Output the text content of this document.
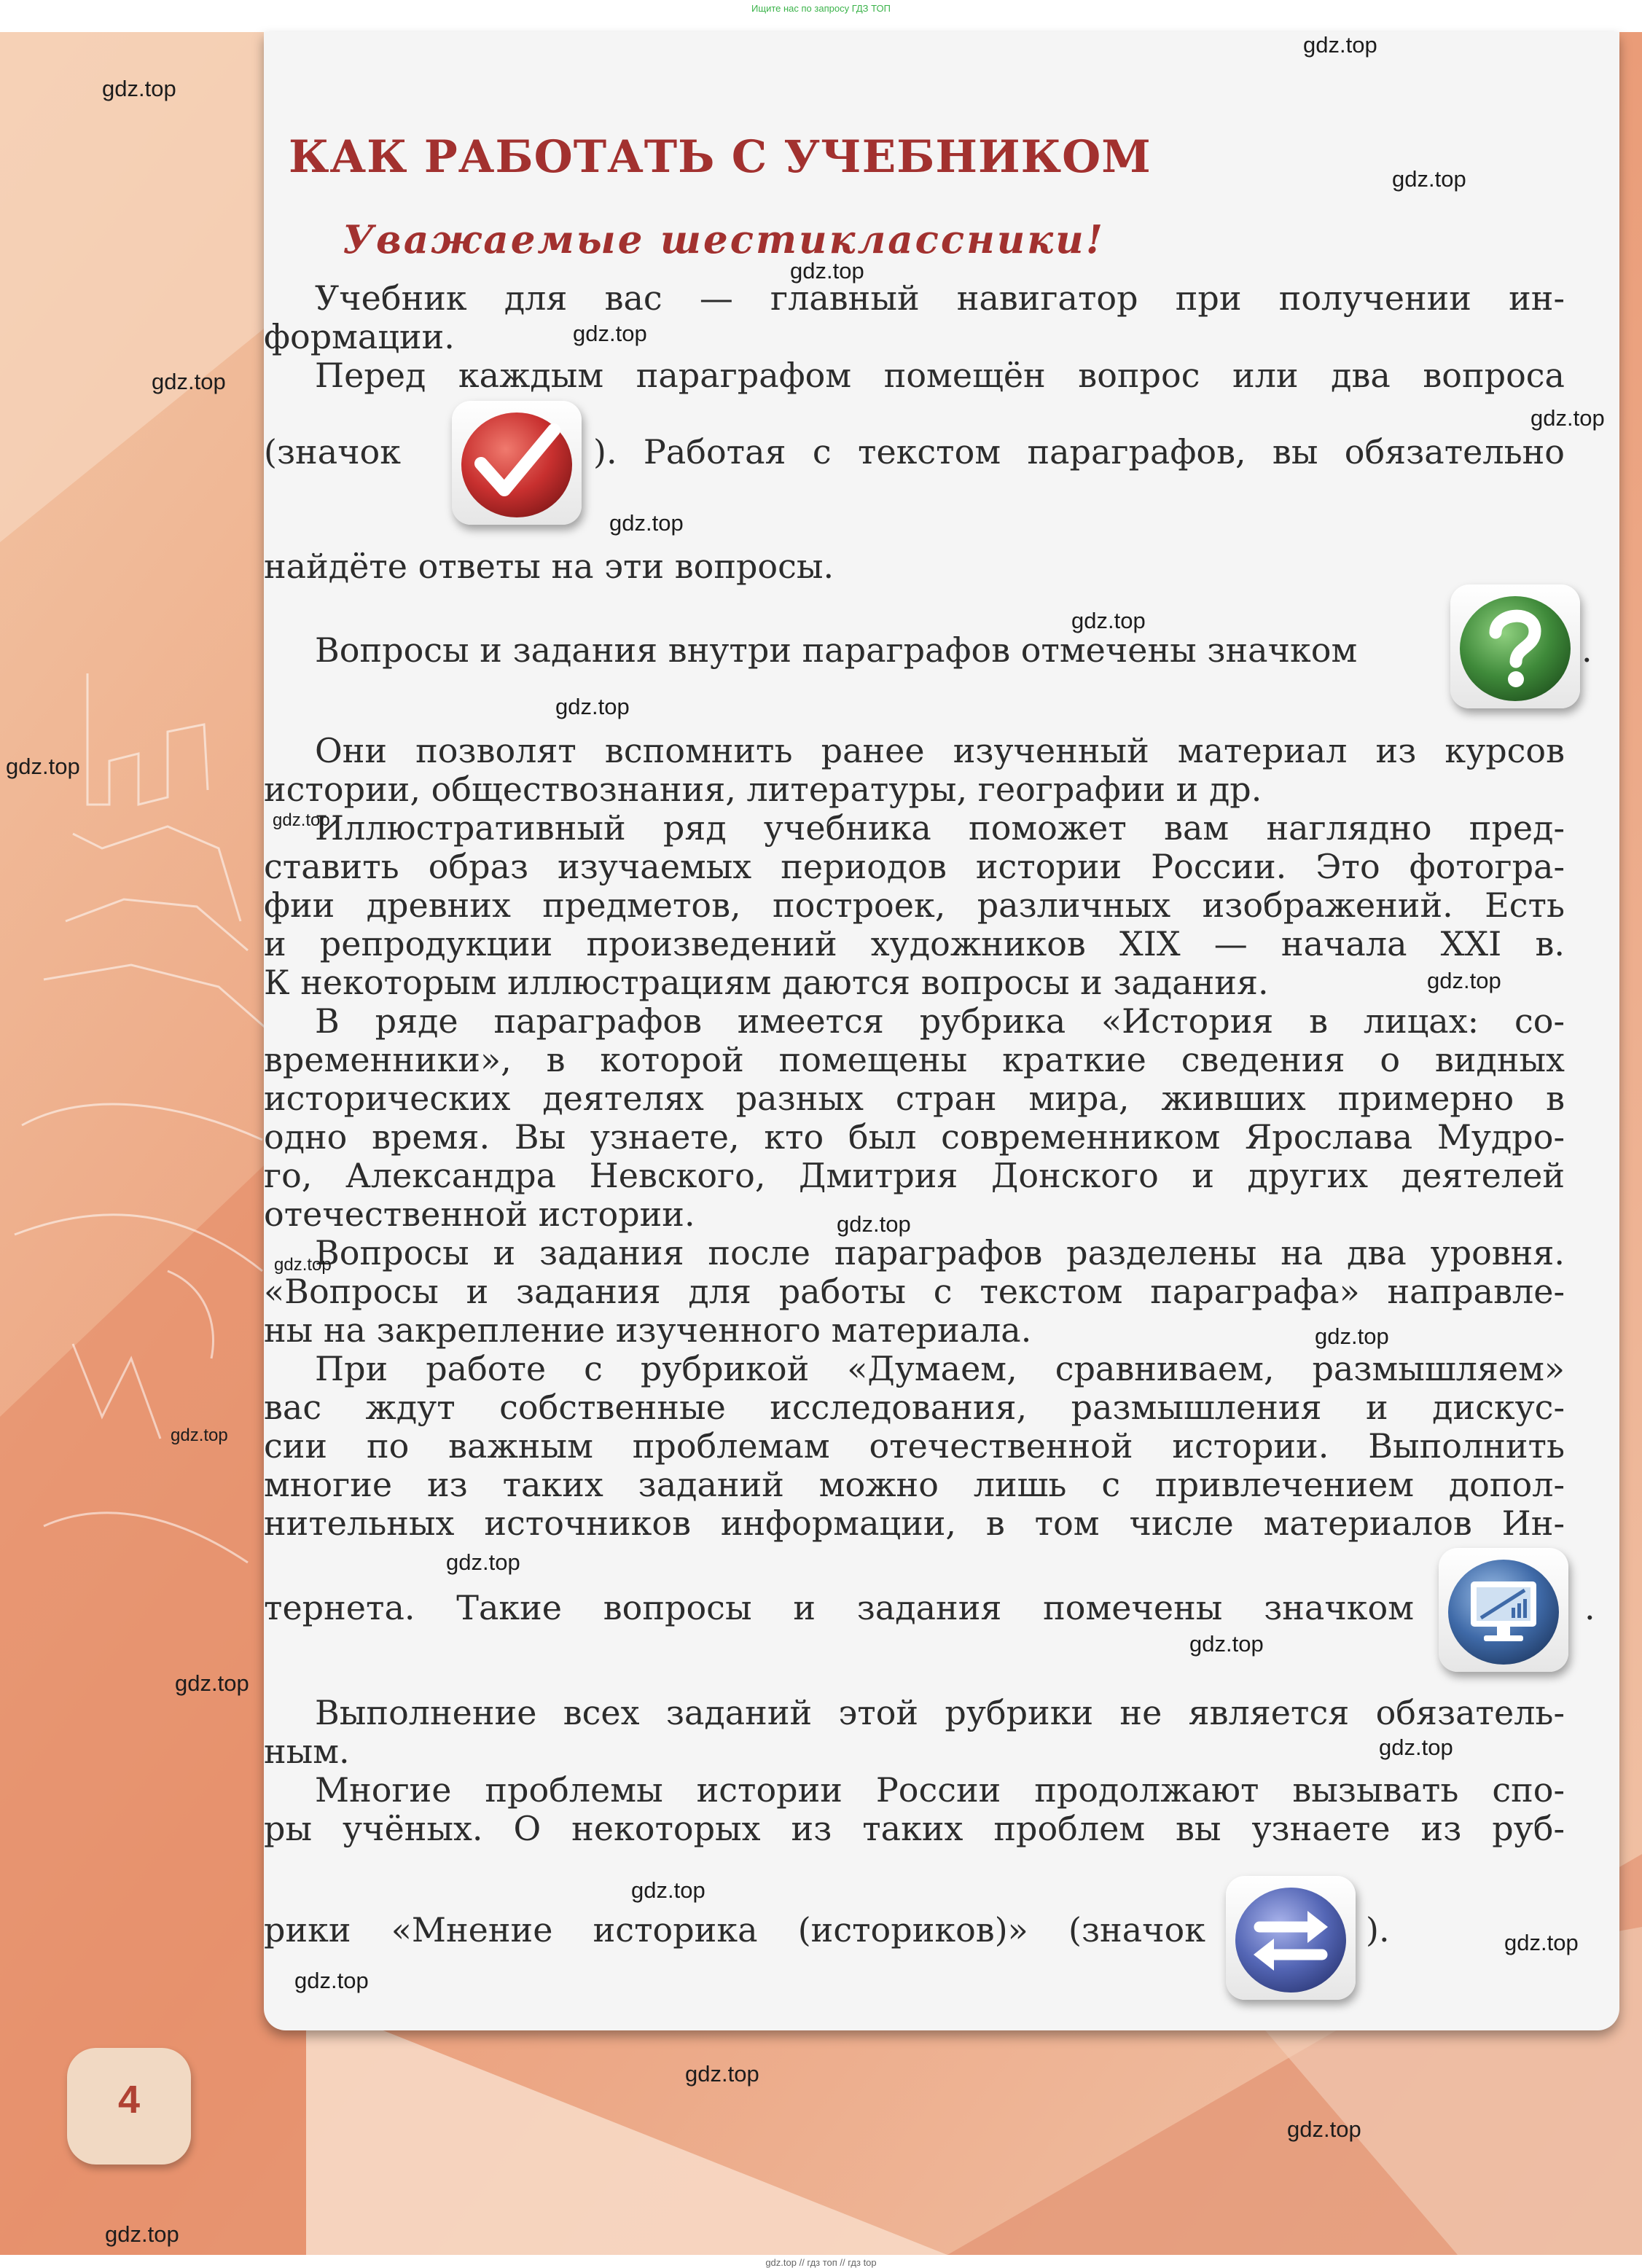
Ищите нас по запросу ГДЗ ТОП
КАК РАБОТАТЬ С УЧЕБНИКОМ
Уважаемые шестиклассники!

Учебник для вас — главный навигатор при получении ин-

формации.

Перед каждым параграфом помещён вопрос или два вопроса

(значок	). Работая с текстом параграфов, вы обязательно

найдёте ответы на эти вопросы.

Вопросы и задания внутри параграфов отмечены значком	.

Они позволят вспомнить ранее изученный материал из курсов

истории, обществознания, литературы, географии и др.

Иллюстративный ряд учебника поможет вам наглядно пред-

ставить образ изучаемых периодов истории России. Это фотогра-

фии древних предметов, построек, различных изображений. Есть

и репродукции произведений художников XIX — начала XXI в.

К некоторым иллюстрациям даются вопросы и задания.

В ряде параграфов имеется рубрика «История в лицах: со-

временники», в которой помещены краткие сведения о видных

исторических деятелях разных стран мира, живших примерно в

одно время. Вы узнаете, кто был современником Ярослава Мудро-

го, Александра Невского, Дмитрия Донского и других деятелей

отечественной истории.

Вопросы и задания после параграфов разделены на два уровня.

«Вопросы и задания для работы с текстом параграфа» направле-

ны на закрепление изученного материала.

При работе с рубрикой «Думаем, сравниваем, размышляем»

вас ждут собственные исследования, размышления и дискус-

сии по важным проблемам отечественной истории. Выполнить

многие из таких заданий можно лишь с привлечением допол-

нительных источников информации, в том числе материалов Ин-

тернета. Такие вопросы и задания помечены значком	.

Выполнение всех заданий этой рубрики не является обязатель-

ным.

Многие проблемы истории России продолжают вызывать спо-

ры учёных. О некоторых из таких проблем вы узнаете из руб-

рики «Мнение историка (историков)» (значок	).

4
gdz.top
gdz.top
gdz.top
gdz.top
gdz.top
gdz.top
gdz.top
gdz.top
gdz.top
gdz.top
gdz.top
gdz.top
gdz.top
gdz.top
gdz.top
gdz.top
gdz.top
gdz.top
gdz.top
gdz.top
gdz.top
gdz.top
gdz.top
gdz.top
gdz.top
gdz.top
gdz.top
gdz.top // гдз топ // гдз top
